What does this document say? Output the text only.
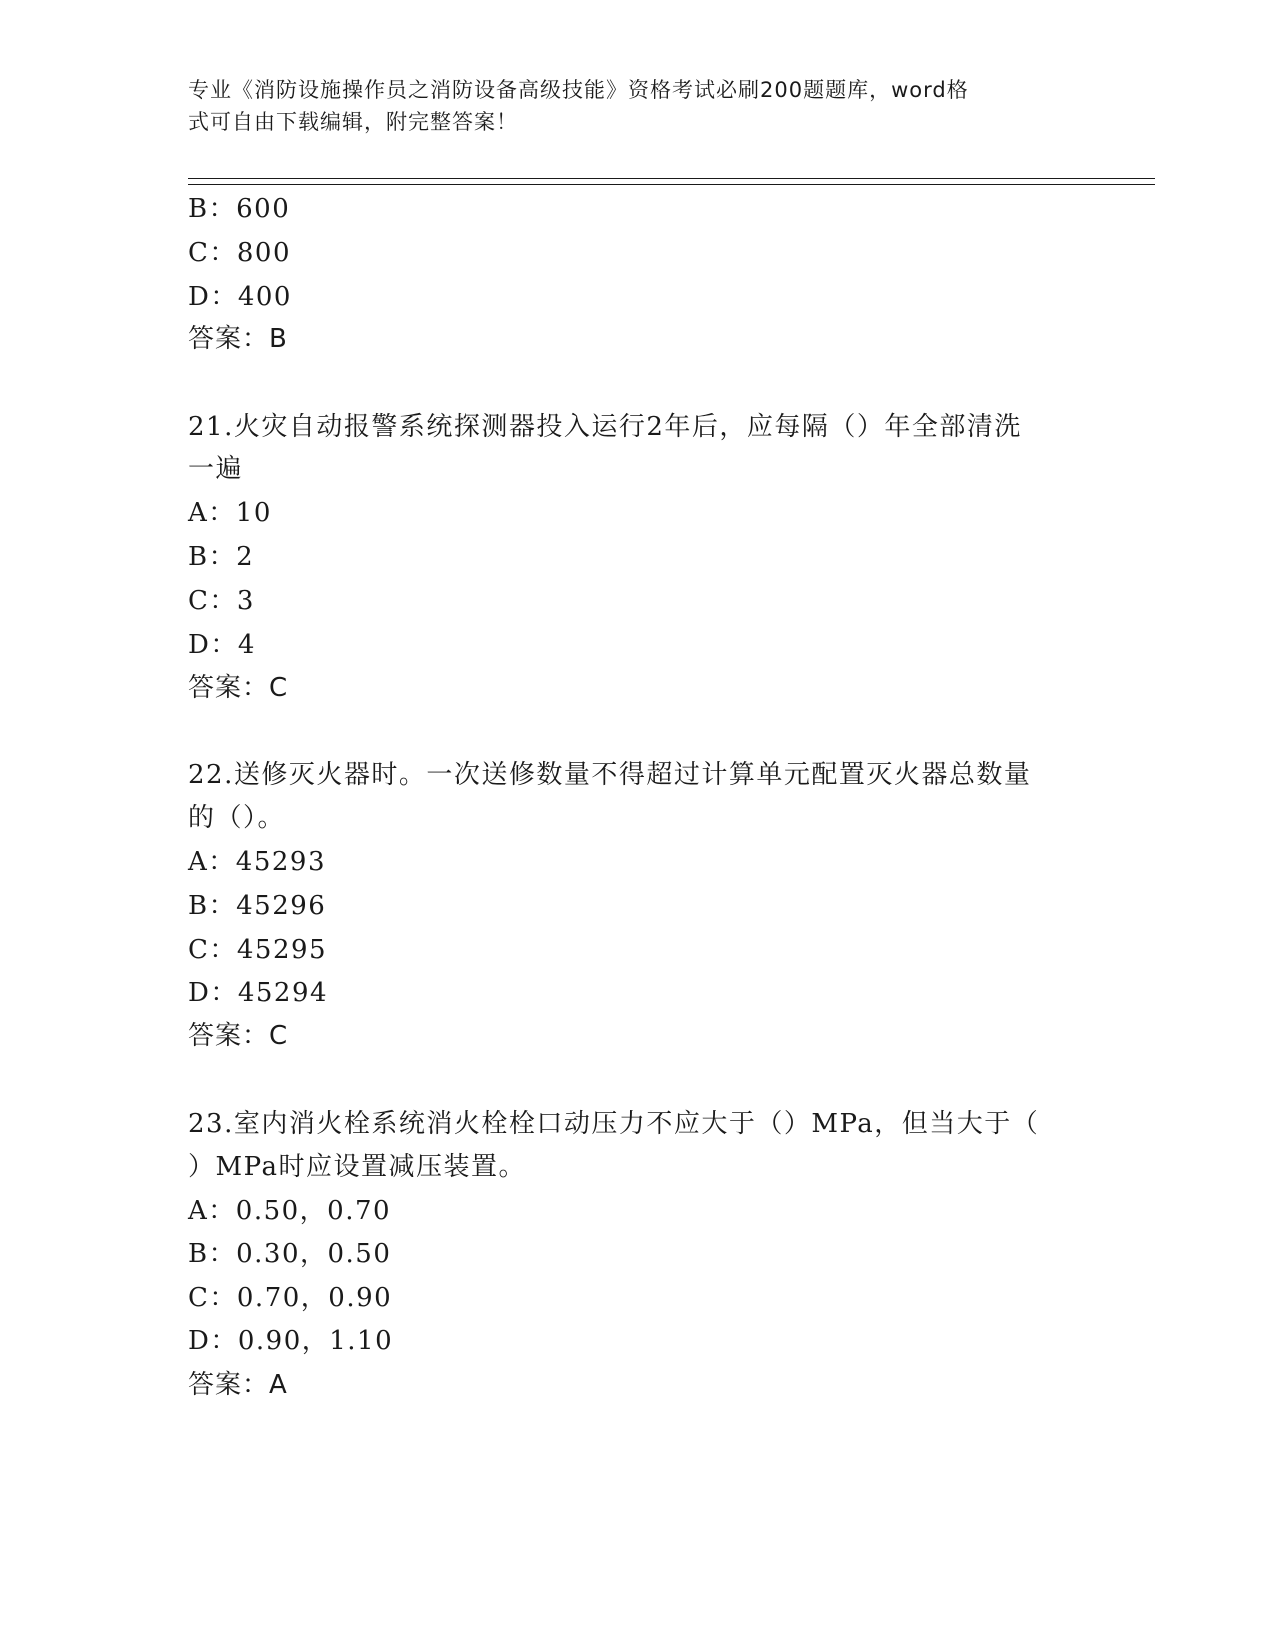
专业《消防设施操作员之消防设备高级技能》资格考试必刷200题题库，word格
式可自由下载编辑，附完整答案！
B：600
C：800
D：400
答案：B
21.火灾自动报警系统探测器投入运行2年后，应每隔（）年全部清洗
一遍
A：10
B：2
C：3
D：4
答案：C
22.送修灭火器时。一次送修数量不得超过计算单元配置灭火器总数量
的（）。
A：45293
B：45296
C：45295
D：45294
答案：C
23.室内消火栓系统消火栓栓口动压力不应大于（）MPa，但当大于（
）MPa时应设置减压装置。
A：0.50，0.70
B：0.30，0.50
C：0.70，0.90
D：0.90，1.10
答案：A
